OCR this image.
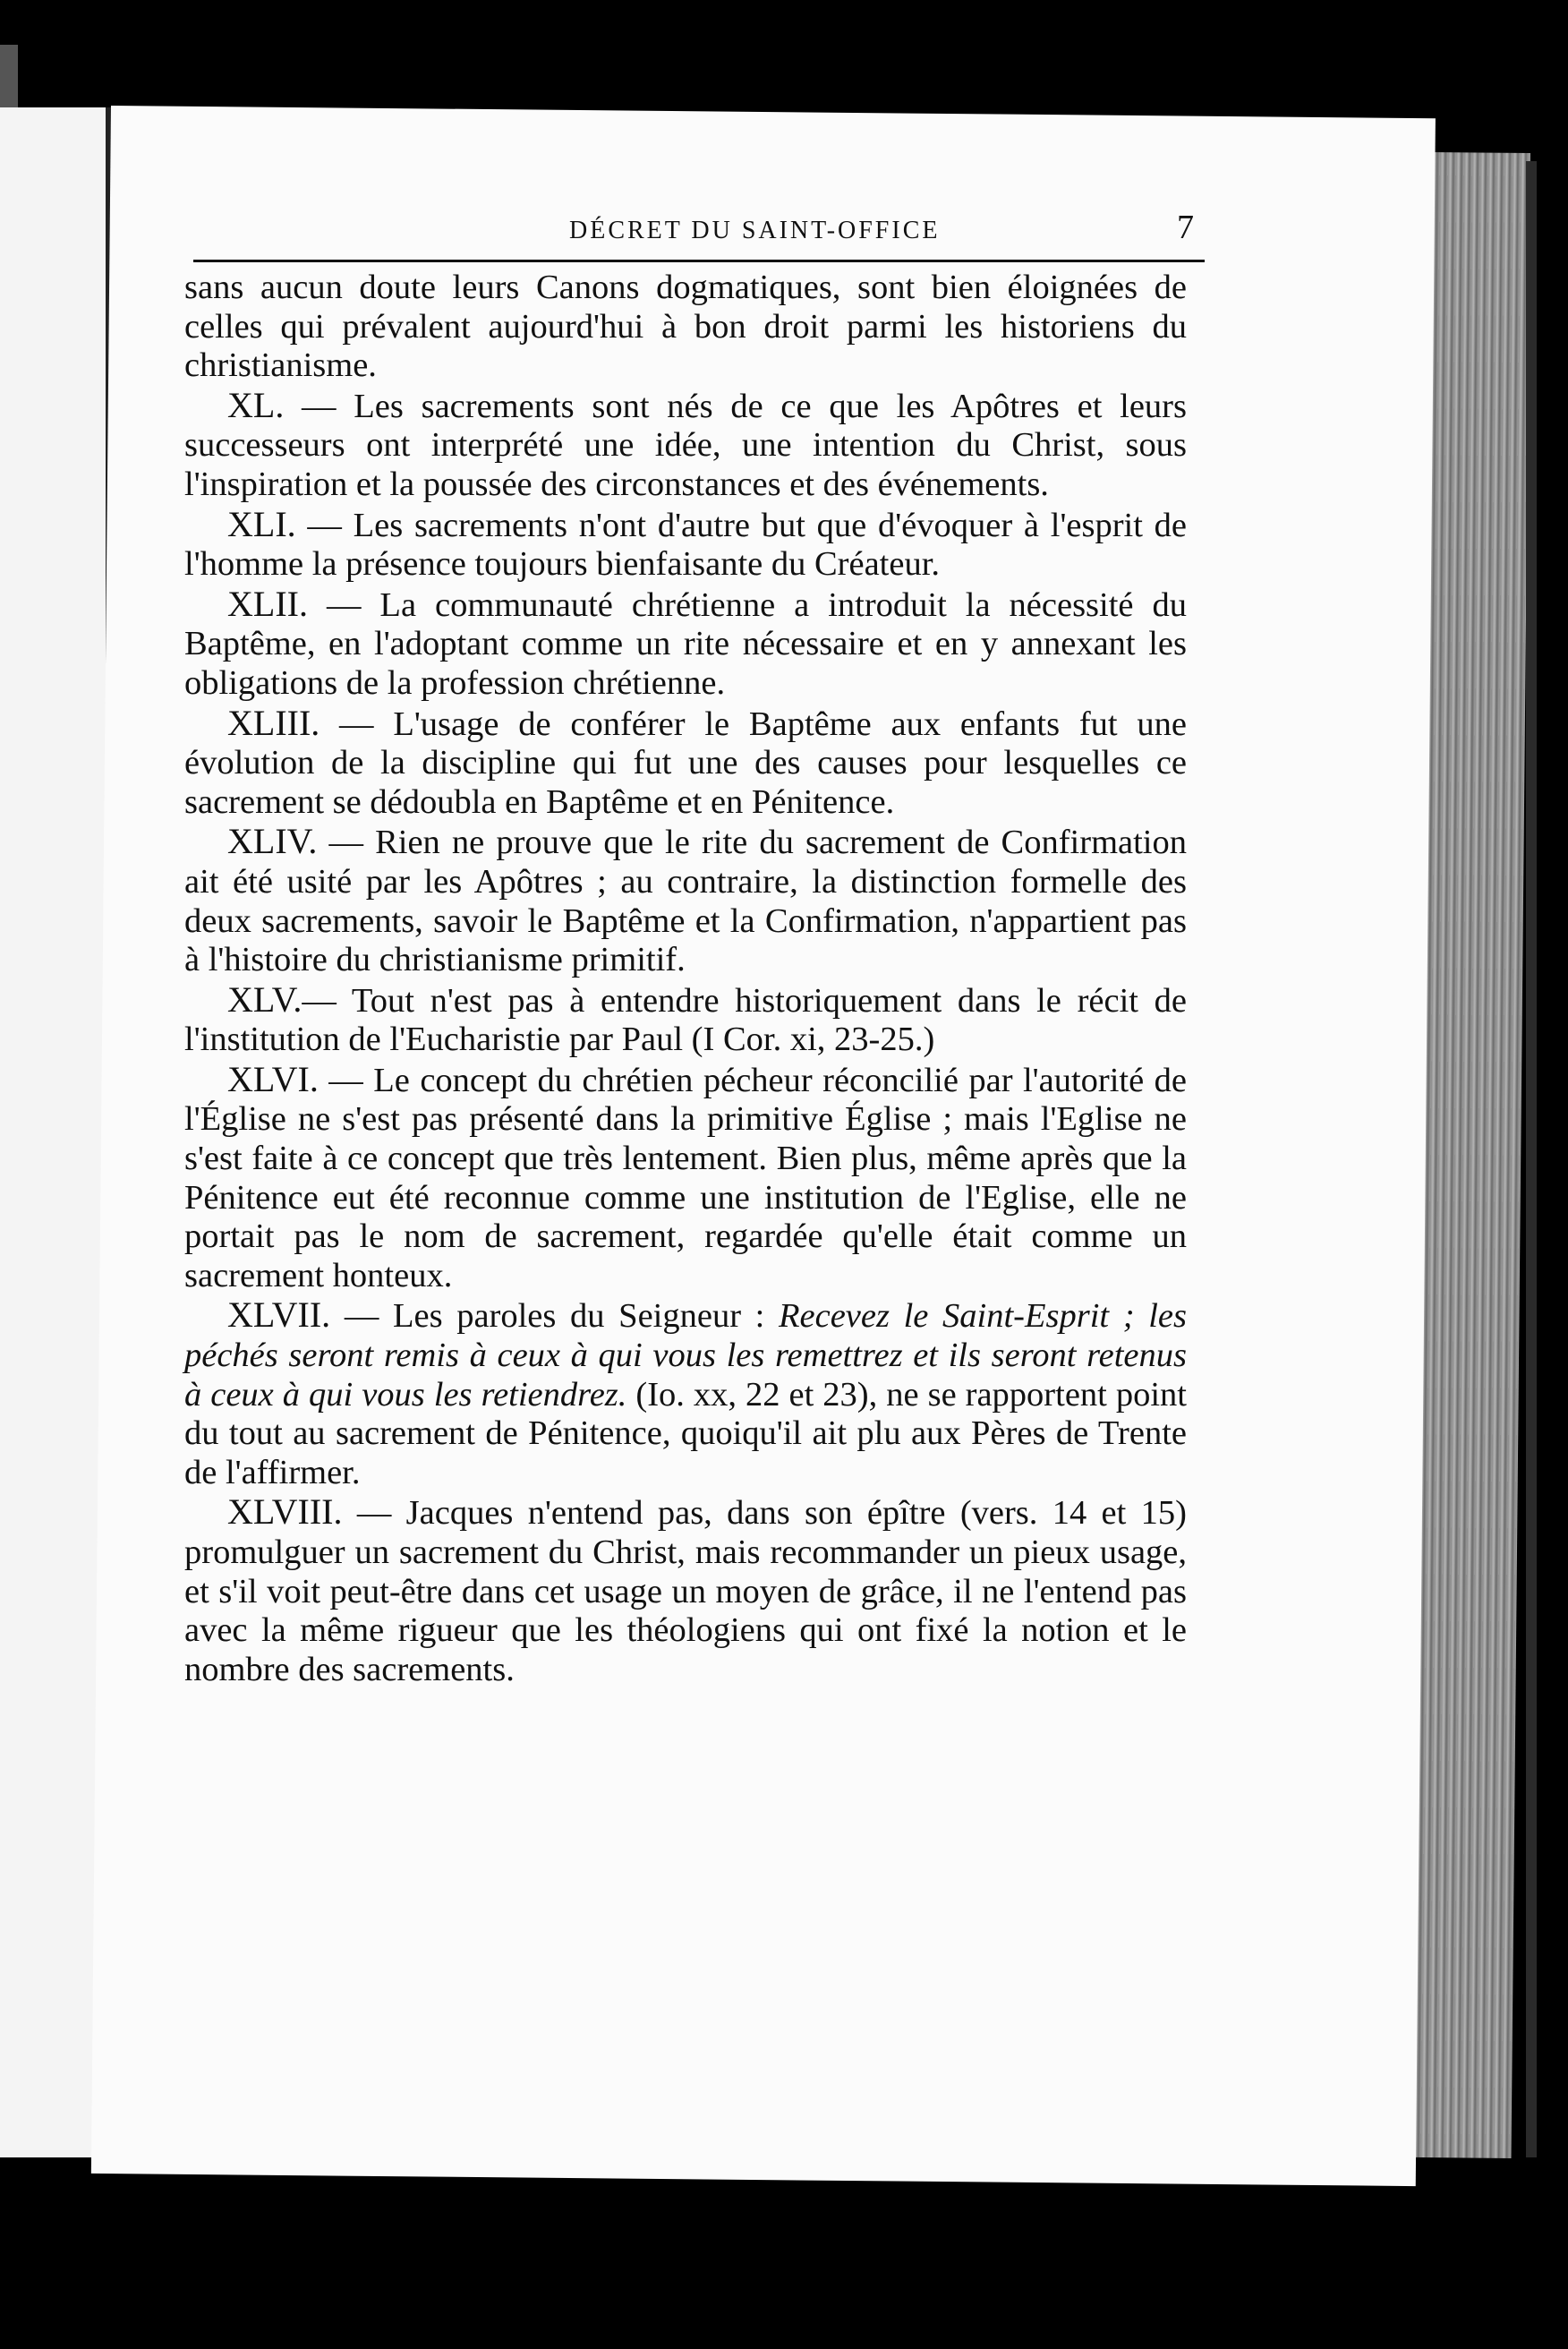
DÉCRET DU SAINT-OFFICE	7

sans aucun doute leurs Canons dogmatiques, sont bien éloignées de celles qui prévalent aujourd'hui à bon droit parmi les historiens du christianisme.

XL. — Les sacrements sont nés de ce que les Apôtres et leurs successeurs ont interprété une idée, une intention du Christ, sous l'inspiration et la poussée des circonstances et des événements.

XLI. — Les sacrements n'ont d'autre but que d'évoquer à l'esprit de l'homme la présence toujours bienfaisante du Créateur.

XLII. — La communauté chrétienne a introduit la nécessité du Baptême, en l'adoptant comme un rite nécessaire et en y annexant les obligations de la profession chrétienne.

XLIII. — L'usage de conférer le Baptême aux enfants fut une évolution de la discipline qui fut une des causes pour lesquelles ce sacrement se dédoubla en Baptême et en Pénitence.

XLIV. — Rien ne prouve que le rite du sacrement de Confirmation ait été usité par les Apôtres ; au contraire, la distinction formelle des deux sacrements, savoir le Baptême et la Confirmation, n'appartient pas à l'histoire du christianisme primitif.

XLV.— Tout n'est pas à entendre historiquement dans le récit de l'institution de l'Eucharistie par Paul (I Cor. xi, 23-25.)

XLVI. — Le concept du chrétien pécheur réconcilié par l'autorité de l'Église ne s'est pas présenté dans la primitive Église ; mais l'Eglise ne s'est faite à ce concept que très lentement. Bien plus, même après que la Pénitence eut été reconnue comme une institution de l'Eglise, elle ne portait pas le nom de sacrement, regardée qu'elle était comme un sacrement honteux.

XLVII. — Les paroles du Seigneur : Recevez le Saint-Esprit ; les péchés seront remis à ceux à qui vous les remettrez et ils seront retenus à ceux à qui vous les retiendrez. (Io. xx, 22 et 23), ne se rapportent point du tout au sacrement de Pénitence, quoiqu'il ait plu aux Pères de Trente de l'affirmer.

XLVIII. — Jacques n'entend pas, dans son épître (vers. 14 et 15) promulguer un sacrement du Christ, mais recommander un pieux usage, et s'il voit peut-être dans cet usage un moyen de grâce, il ne l'entend pas avec la même rigueur que les théologiens qui ont fixé la notion et le nombre des sacrements.
